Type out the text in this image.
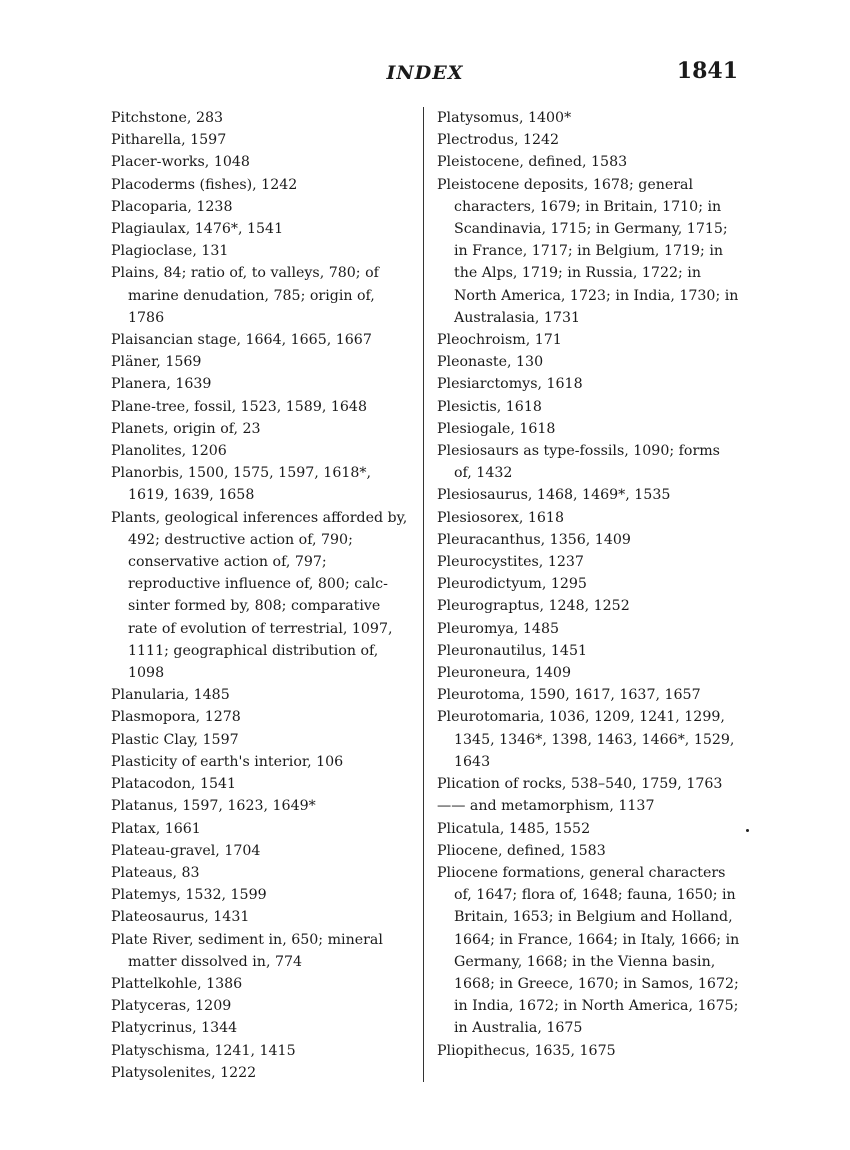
INDEX	1841
Pitchstone, 283
Pitharella, 1597
Placer-works, 1048
Placoderms (fishes), 1242
Placoparia, 1238
Plagiaulax, 1476*, 1541
Plagioclase, 131
Plains, 84; ratio of, to valleys, 780; of marine denudation, 785; origin of, 1786
Plaisancian stage, 1664, 1665, 1667
Pläner, 1569
Planera, 1639
Plane-tree, fossil, 1523, 1589, 1648
Planets, origin of, 23
Planolites, 1206
Planorbis, 1500, 1575, 1597, 1618*, 1619, 1639, 1658
Plants, geological inferences afforded by, 492; destructive action of, 790; conservative action of, 797; reproductive influence of, 800; calc-sinter formed by, 808; comparative rate of evolution of terrestrial, 1097, 1111; geographical distribution of, 1098
Planularia, 1485
Plasmopora, 1278
Plastic Clay, 1597
Plasticity of earth's interior, 106
Platacodon, 1541
Platanus, 1597, 1623, 1649*
Platax, 1661
Plateau-gravel, 1704
Plateaus, 83
Platemys, 1532, 1599
Plateosaurus, 1431
Plate River, sediment in, 650; mineral matter dissolved in, 774
Plattelkohle, 1386
Platyceras, 1209
Platycrinus, 1344
Platyschisma, 1241, 1415
Platysolenites, 1222
Platysomus, 1400*
Plectrodus, 1242
Pleistocene, defined, 1583
Pleistocene deposits, 1678; general characters, 1679; in Britain, 1710; in Scandinavia, 1715; in Germany, 1715; in France, 1717; in Belgium, 1719; in the Alps, 1719; in Russia, 1722; in North America, 1723; in India, 1730; in Australasia, 1731
Pleochroism, 171
Pleonaste, 130
Plesiarctomys, 1618
Plesictis, 1618
Plesiogale, 1618
Plesiosaurs as type-fossils, 1090; forms of, 1432
Plesiosaurus, 1468, 1469*, 1535
Plesiosorex, 1618
Pleuracanthus, 1356, 1409
Pleurocystites, 1237
Pleurodictyum, 1295
Pleurograptus, 1248, 1252
Pleuromya, 1485
Pleuronautilus, 1451
Pleuroneura, 1409
Pleurotoma, 1590, 1617, 1637, 1657
Pleurotomaria, 1036, 1209, 1241, 1299, 1345, 1346*, 1398, 1463, 1466*, 1529, 1643
Plication of rocks, 538–540, 1759, 1763
—— and metamorphism, 1137
Plicatula, 1485, 1552
Pliocene, defined, 1583
Pliocene formations, general characters of, 1647; flora of, 1648; fauna, 1650; in Britain, 1653; in Belgium and Holland, 1664; in France, 1664; in Italy, 1666; in Germany, 1668; in the Vienna basin, 1668; in Greece, 1670; in Samos, 1672; in India, 1672; in North America, 1675; in Australia, 1675
Pliopithecus, 1635, 1675
